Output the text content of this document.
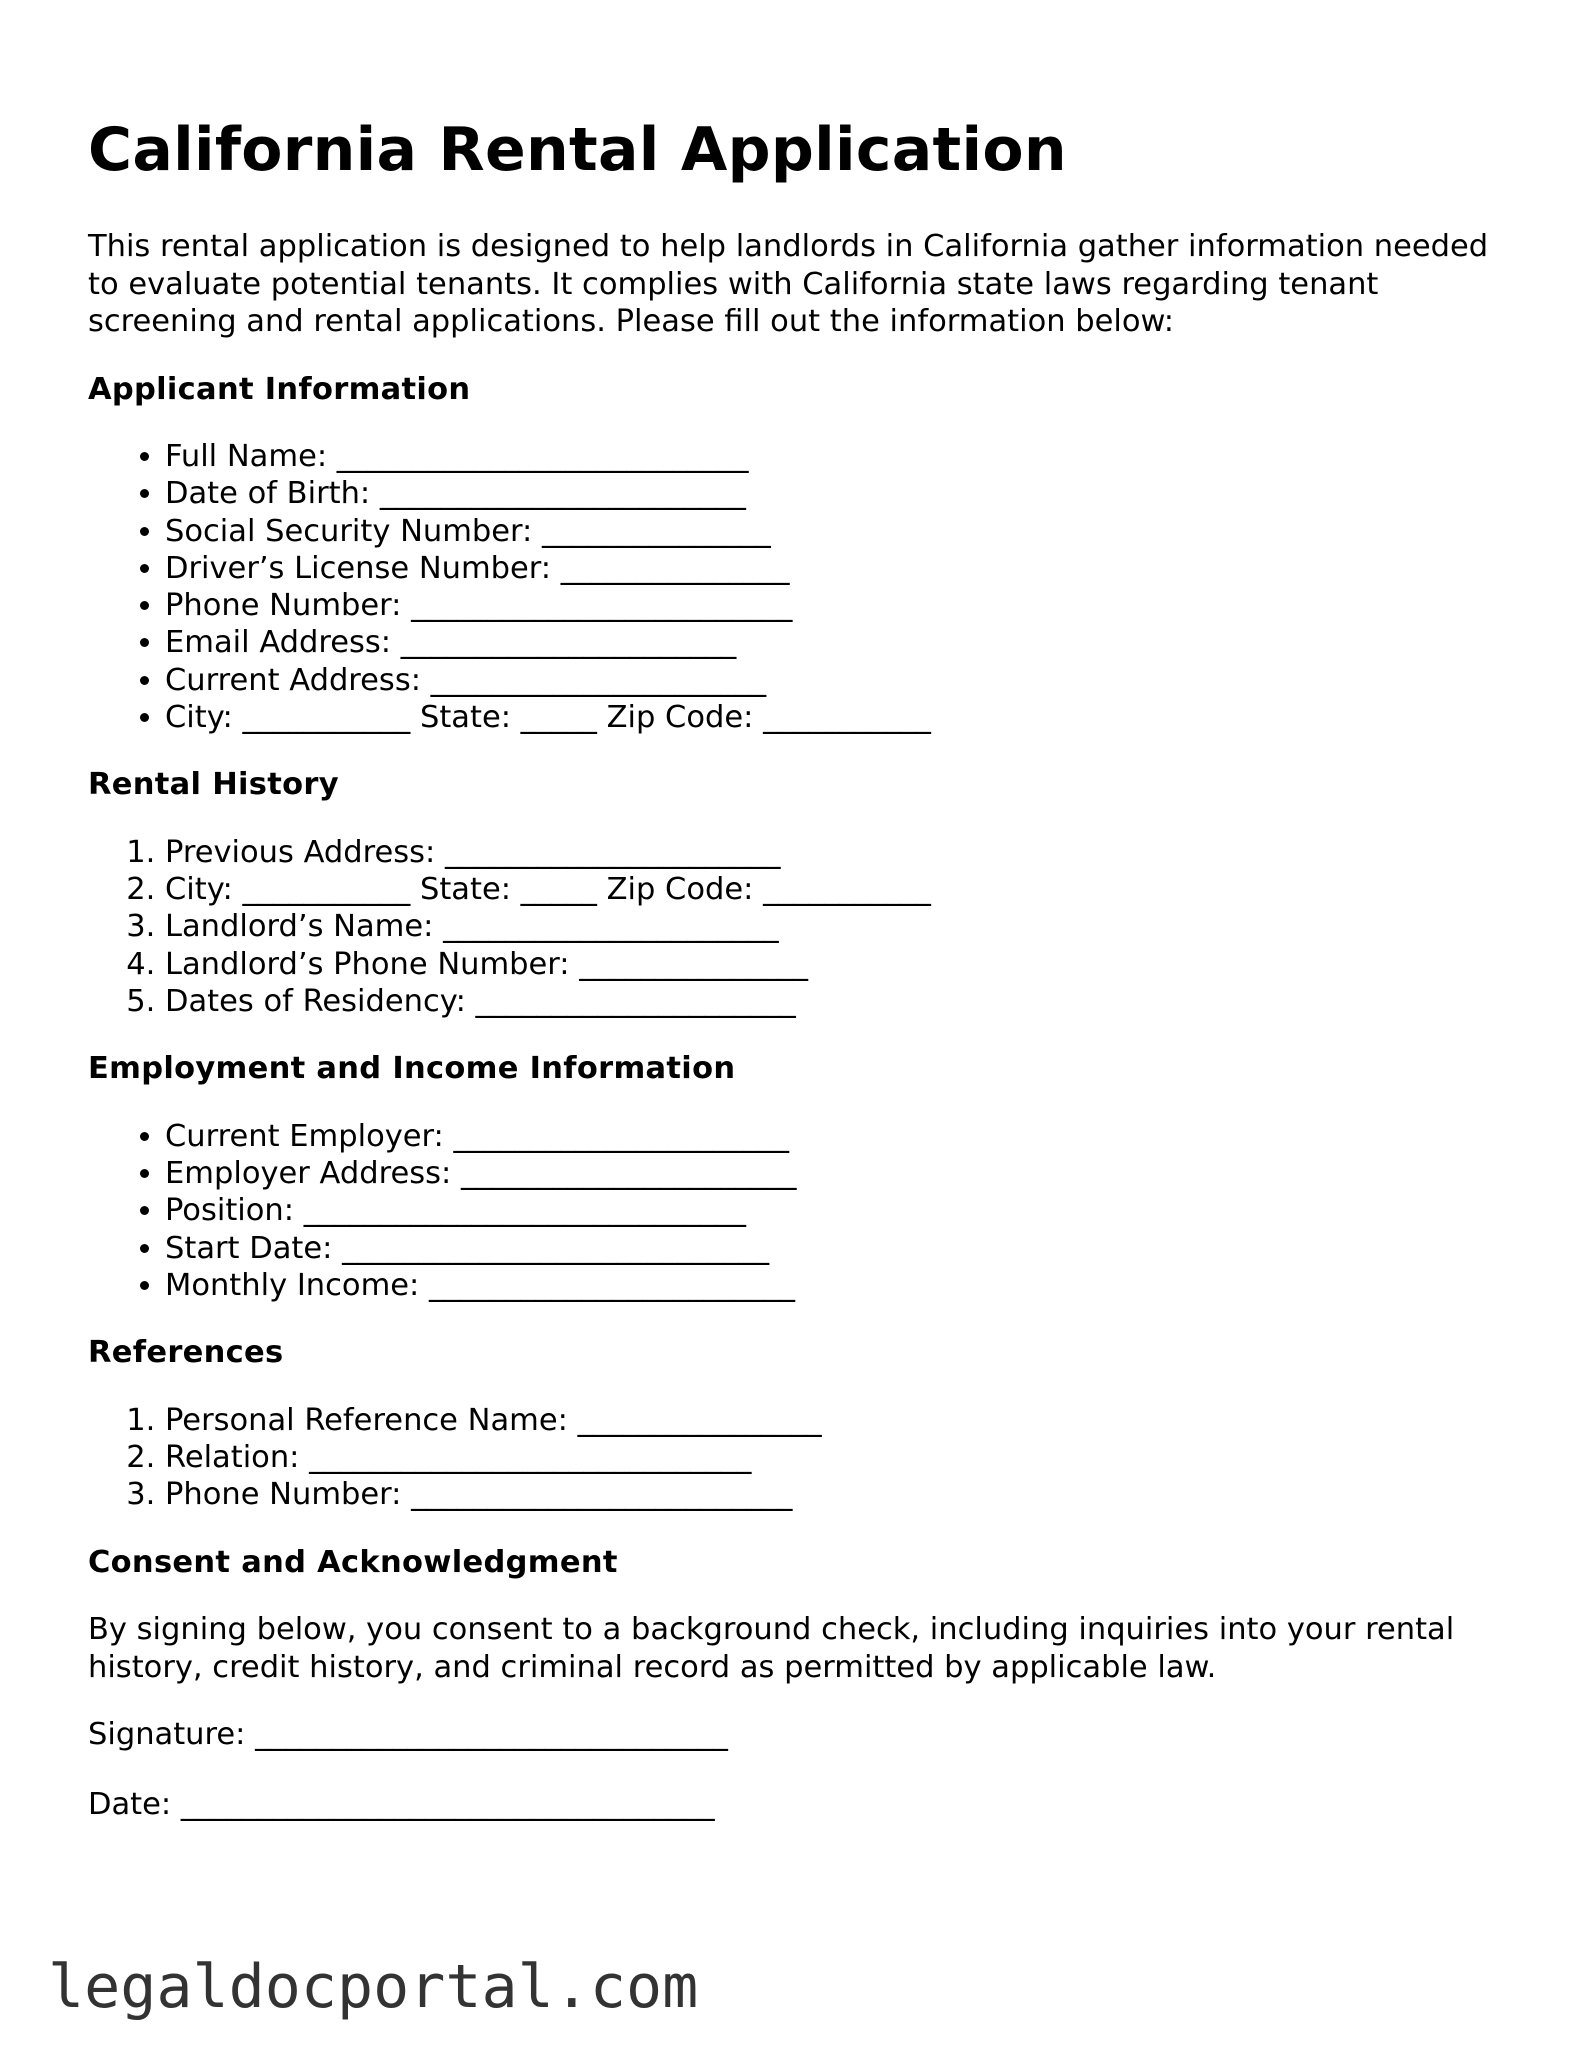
California Rental Application

This rental application is designed to help landlords in California gather information needed to evaluate potential tenants. It complies with California state laws regarding tenant screening and rental applications. Please fill out the information below:

Applicant Information
• Full Name: ___________________________
• Date of Birth: ________________________
• Social Security Number: _______________
• Driver’s License Number: _______________
• Phone Number: _________________________
• Email Address: ______________________
• Current Address: ______________________
• City: ___________ State: _____ Zip Code: ___________
Rental History
1. Previous Address: ______________________
2. City: ___________ State: _____ Zip Code: ___________
3. Landlord’s Name: ______________________
4. Landlord’s Phone Number: _______________
5. Dates of Residency: _____________________
Employment and Income Information
• Current Employer: ______________________
• Employer Address: ______________________
• Position: _____________________________
• Start Date: ____________________________
• Monthly Income: ________________________
References
1. Personal Reference Name: ________________
2. Relation: _____________________________
3. Phone Number: _________________________
Consent and Acknowledgment

By signing below, you consent to a background check, including inquiries into your rental history, credit history, and criminal record as permitted by applicable law.

Signature: _______________________________

Date: ___________________________________

legaldocportal.com
